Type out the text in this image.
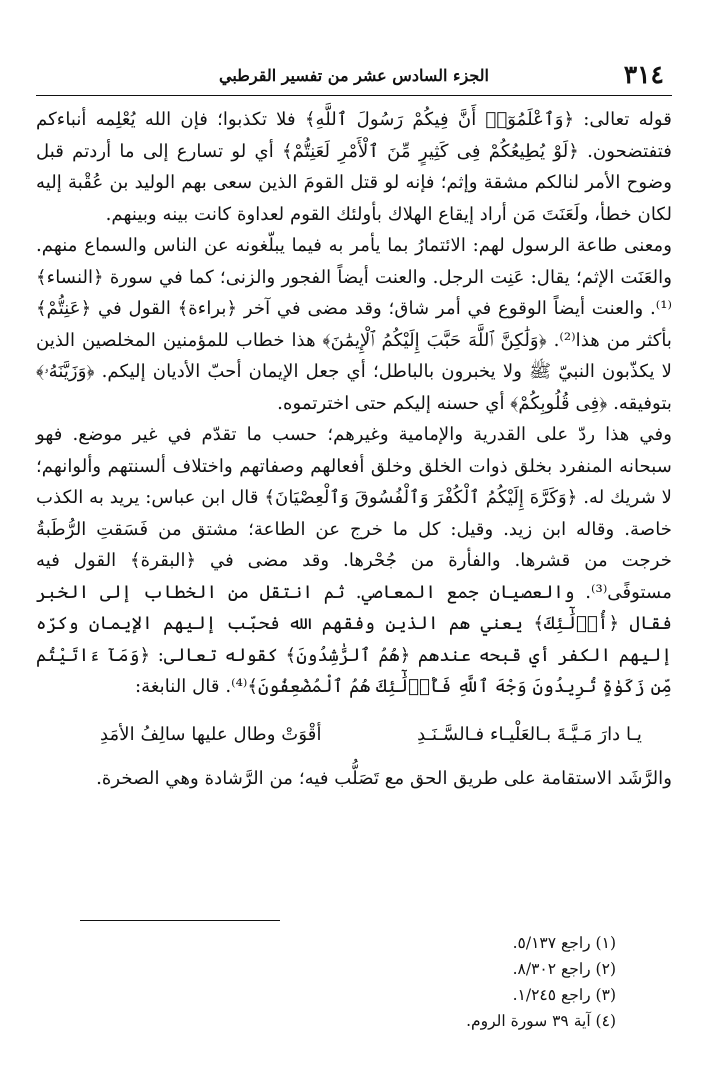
٣١٤
الجزء السادس عشر من تفسير القرطبي

قوله تعالى: ﴿وَٱعْلَمُوٓا۟ أَنَّ فِيكُمْ رَسُولَ ٱللَّهِ﴾ فلا تكذبوا؛ فإن الله يُعْلِمه أنباءكم فتفتضحون. ﴿لَوْ يُطِيعُكُمْ فِى كَثِيرٍ مِّنَ ٱلْأَمْرِ لَعَنِتُّمْ﴾ أي لو تسارع إلى ما أردتم قبل وضوح الأمر لنالكم مشقة وإثم؛ فإنه لو قتل القومَ الذين سعى بهم الوليد بن عُقْبة إليه لكان خطأ، ولَعَنَتَ مَن أراد إيقاع الهلاك بأولئك القوم لعداوة كانت بينه وبينهم.

ومعنى طاعة الرسول لهم: الائتمارُ بما يأمر به فيما يبلّغونه عن الناس والسماع منهم. والعَنَت الإثم؛ يقال: عَنِت الرجل. والعنت أيضاً الفجور والزنى؛ كما في سورة ﴿النساء﴾⁽¹⁾. والعنت أيضاً الوقوع في أمر شاق؛ وقد مضى في آخر ﴿براءة﴾ القول في ﴿عَنِتُّمْ﴾ بأكثر من هذا⁽²⁾. ﴿وَلَٰكِنَّ ٱللَّهَ حَبَّبَ إِلَيْكُمُ ٱلْإِيمَٰنَ﴾ هذا خطاب للمؤمنين المخلصين الذين لا يكذّبون النبيّ ﷺ ولا يخبرون بالباطل؛ أي جعل الإيمان أحبّ الأديان إليكم. ﴿وَزَيَّنَهُۥ﴾ بتوفيقه. ﴿فِى قُلُوبِكُمْ﴾ أي حسنه إليكم حتى اخترتموه.

وفي هذا ردّ على القدرية والإمامية وغيرهم؛ حسب ما تقدّم في غير موضع. فهو سبحانه المنفرد بخلق ذوات الخلق وخلق أفعالهم وصفاتهم واختلاف ألسنتهم وألوانهم؛ لا شريك له. ﴿وَكَرَّهَ إِلَيْكُمُ ٱلْكُفْرَ وَٱلْفُسُوقَ وَٱلْعِصْيَانَ﴾ قال ابن عباس: يريد به الكذب خاصة. وقاله ابن زيد. وقيل: كل ما خرج عن الطاعة؛ مشتق من فَسَقتِ الرُّطَبةُ خرجت من قشرها. والفأرة من جُحْرها. وقد مضى في ﴿البقرة﴾ القول فيه مستوفًى⁽³⁾. والعصيان جمع المعاصي. ثم انتقل من الخطاب إلى الخبر فقال ﴿أُو۟لَٰٓئِكَ﴾ يعني هم الذين وفقهم الله فحبّب إليهم الإيمان وكرّه إليهم الكفر أي قبحه عندهم ﴿هُمُ ٱلرَّٰشِدُونَ﴾ كقوله تعالى: ﴿وَمَآ ءَاتَيْتُم مِّن زَكَوٰةٍ تُرِيدُونَ وَجْهَ ٱللَّهِ فَأُو۟لَٰٓئِكَ هُمُ ٱلْمُضْعِفُونَ﴾⁽⁴⁾. قال النابغة:

يـا دارَ مَـيَّـةَ بـالعَلْيـاء فـالسَّـنَـدِ
أقْوَتْ وطال عليها سالِفُ الأمَدِ

والرَّشَد الاستقامة على طريق الحق مع تَصَلُّب فيه؛ من الرَّشادة وهي الصخرة.

(١) راجع ٥/١٣٧.
(٢) راجع ٨/٣٠٢.
(٣) راجع ١/٢٤٥.
(٤) آية ٣٩ سورة الروم.
